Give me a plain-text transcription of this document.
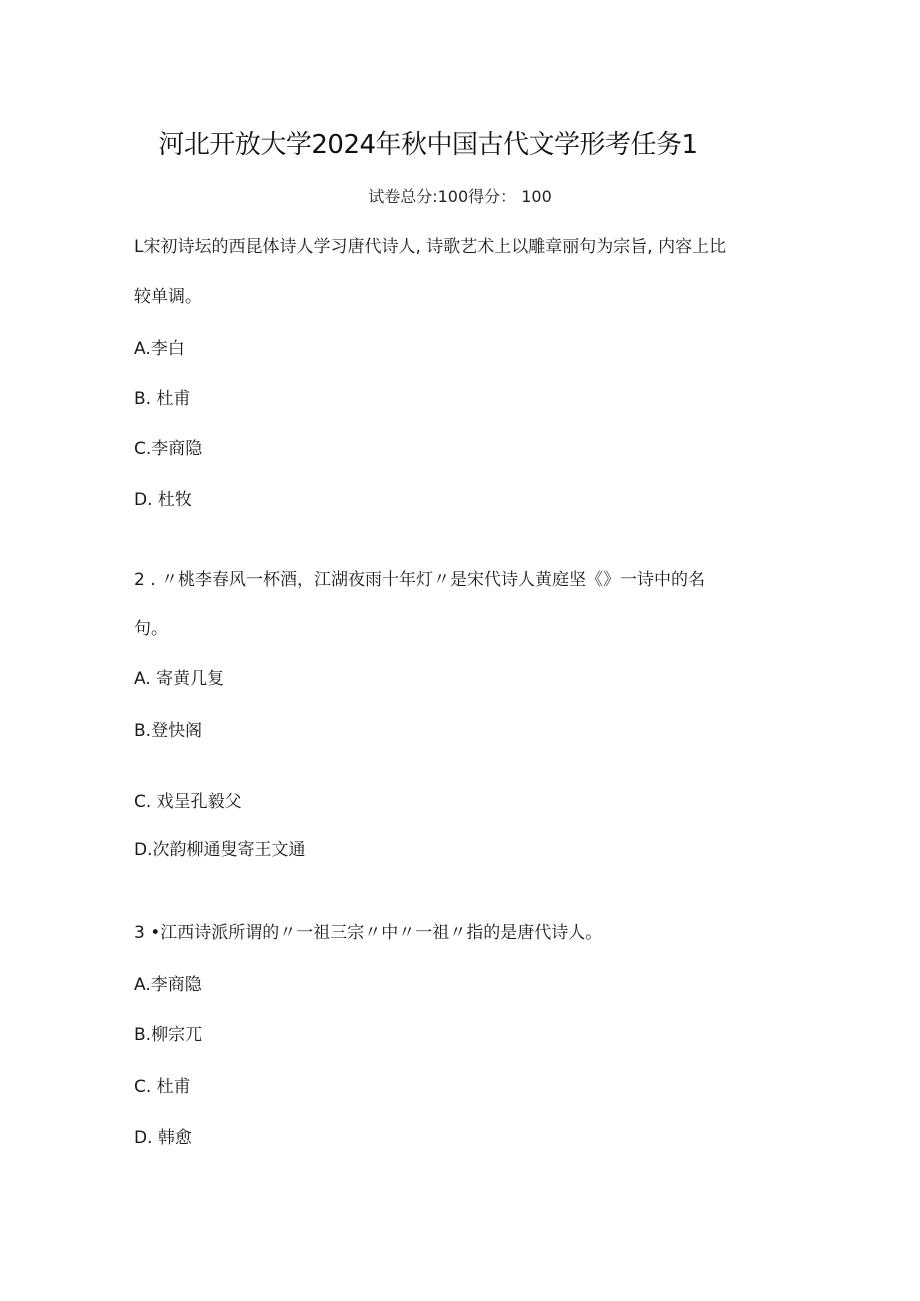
河北开放大学2024年秋中国古代文学形考任务1
试卷总分:100得分： 100
L宋初诗坛的西昆体诗人学习唐代诗人, 诗歌艺术上以雕章丽句为宗旨, 内容上比
较单调。
A.李白
B. 杜甫
C.李商隐
D. 杜牧
2 . 〃桃李春风一杯酒，江湖夜雨十年灯〃是宋代诗人黄庭坚《》一诗中的名
句。
A. 寄黄几复
B.登快阁
C. 戏呈孔毅父
D.次韵柳通叟寄王文通
3 •江西诗派所谓的〃一祖三宗〃中〃一祖〃指的是唐代诗人。
A.李商隐
B.柳宗兀
C. 杜甫
D. 韩愈
